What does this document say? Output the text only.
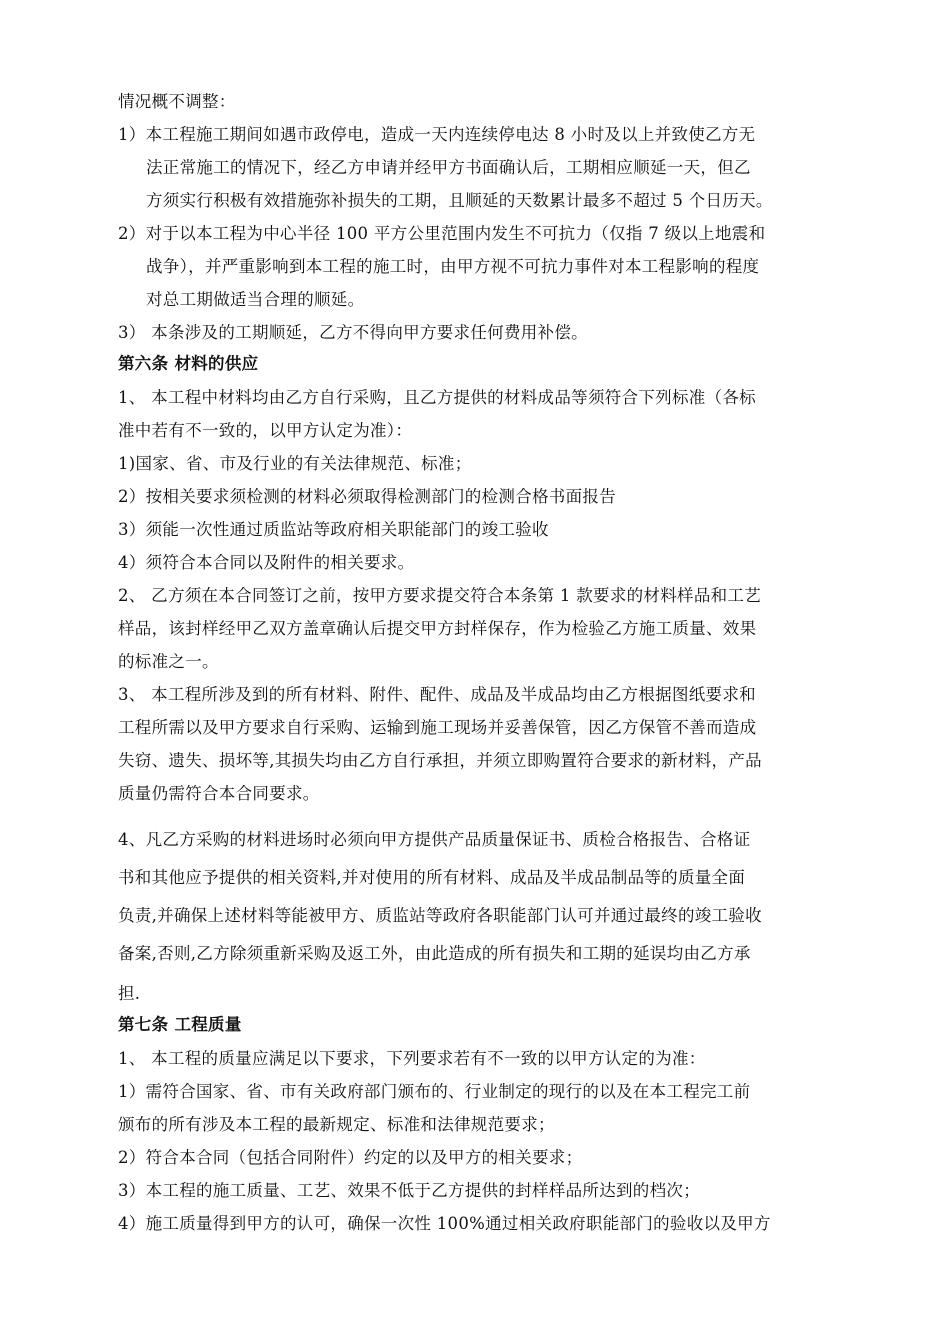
情况概不调整：
1）本工程施工期间如遇市政停电，造成一天内连续停电达 8 小时及以上并致使乙方无
法正常施工的情况下，经乙方申请并经甲方书面确认后，工期相应顺延一天，但乙
方须实行积极有效措施弥补损失的工期，且顺延的天数累计最多不超过 5 个日历天。
2）对于以本工程为中心半径 100 平方公里范围内发生不可抗力（仅指 7 级以上地震和
战争），并严重影响到本工程的施工时，由甲方视不可抗力事件对本工程影响的程度
对总工期做适当合理的顺延。
3） 本条涉及的工期顺延，乙方不得向甲方要求任何费用补偿。
第六条 材料的供应
1、 本工程中材料均由乙方自行采购，且乙方提供的材料成品等须符合下列标准（各标
准中若有不一致的，以甲方认定为准）：
1)国家、省、市及行业的有关法律规范、标准；
2）按相关要求须检测的材料必须取得检测部门的检测合格书面报告
3）须能一次性通过质监站等政府相关职能部门的竣工验收
4）须符合本合同以及附件的相关要求。
2、 乙方须在本合同签订之前，按甲方要求提交符合本条第 1 款要求的材料样品和工艺
样品，该封样经甲乙双方盖章确认后提交甲方封样保存，作为检验乙方施工质量、效果
的标准之一。
3、 本工程所涉及到的所有材料、附件、配件、成品及半成品均由乙方根据图纸要求和
工程所需以及甲方要求自行采购、运输到施工现场并妥善保管，因乙方保管不善而造成
失窃、遗失、损坏等,其损失均由乙方自行承担，并须立即购置符合要求的新材料，产品
质量仍需符合本合同要求。
4、凡乙方采购的材料进场时必须向甲方提供产品质量保证书、质检合格报告、合格证
书和其他应予提供的相关资料,并对使用的所有材料、成品及半成品制品等的质量全面
负责,并确保上述材料等能被甲方、质监站等政府各职能部门认可并通过最终的竣工验收
备案,否则,乙方除须重新采购及返工外，由此造成的所有损失和工期的延误均由乙方承
担.
第七条 工程质量
1、 本工程的质量应满足以下要求，下列要求若有不一致的以甲方认定的为准：
1）需符合国家、省、市有关政府部门颁布的、行业制定的现行的以及在本工程完工前
颁布的所有涉及本工程的最新规定、标准和法律规范要求；
2）符合本合同（包括合同附件）约定的以及甲方的相关要求；
3）本工程的施工质量、工艺、效果不低于乙方提供的封样样品所达到的档次；
4）施工质量得到甲方的认可，确保一次性 100%通过相关政府职能部门的验收以及甲方
